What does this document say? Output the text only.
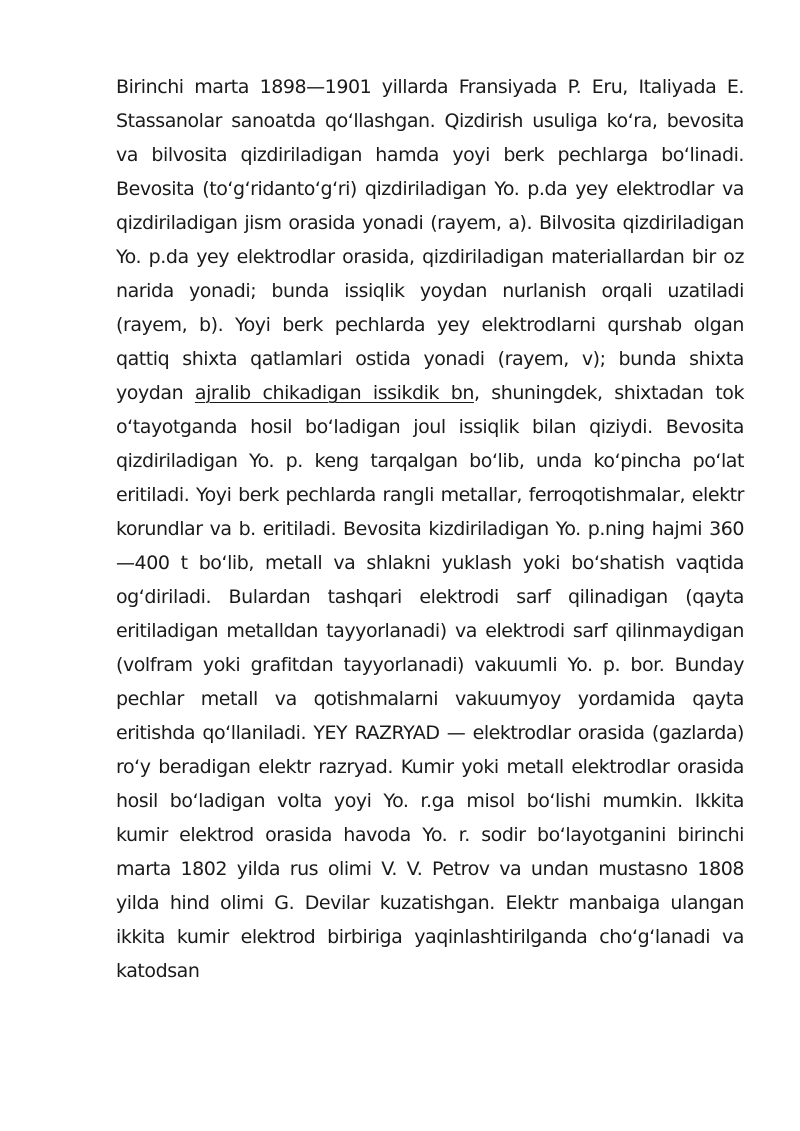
Birinchi marta 1898—1901 yillarda Fransiyada P. Eru, Italiyada E. Stassanolar sanoatda qoʻllashgan. Qizdirish usuliga koʻra, bevosita va bilvosita qizdiriladigan hamda yoyi berk pechlarga boʻlinadi. Bevosita (toʻgʻridantoʻgʻri) qizdiriladigan Yo. p.da yey elektrodlar va qizdiriladigan jism orasida yonadi (rayem, a). Bilvosita qizdiriladigan Yo. p.da yey elektrodlar orasida, qizdiriladigan materiallardan bir oz narida yonadi; bunda issiqlik yoydan nurlanish orqali uzatiladi (rayem, b). Yoyi berk pechlarda yey elektrodlarni qurshab olgan qattiq shixta qatlamlari ostida yonadi (rayem, v); bunda shixta yoydan ajralib chikadigan issikdik bn, shuningdek, shixtadan tok oʻtayotganda hosil boʻladigan joul issiqlik bilan qiziydi. Bevosita qizdiriladigan Yo. p. keng tarqalgan boʻlib, unda koʻpincha poʻlat eritiladi. Yoyi berk pechlarda rangli metallar, ferroqotishmalar, elektr korundlar va b. eritiladi. Bevosita kizdiriladigan Yo. p.ning hajmi 360—400 t boʻlib, metall va shlakni yuklash yoki boʻshatish vaqtida ogʻdiriladi. Bulardan tashqari elektrodi sarf qilinadigan (qayta eritiladigan metalldan tayyorlanadi) va elektrodi sarf qilinmaydigan (volfram yoki grafitdan tayyorlanadi) vakuumli Yo. p. bor. Bunday pechlar metall va qotishmalarni vakuumyoy yordamida qayta eritishda qoʻllaniladi. YEY RAZRYAD — elektrodlar orasida (gazlarda) roʻy beradigan elektr razryad. Kumir yoki metall elektrodlar orasida hosil boʻladigan volta yoyi Yo. r.ga misol boʻlishi mumkin. Ikkita kumir elektrod orasida havoda Yo. r. sodir boʻlayotganini birinchi marta 1802 yilda rus olimi V. V. Petrov va undan mustasno 1808 yilda hind olimi G. Devilar kuzatishgan. Elektr manbaiga ulangan ikkita kumir elektrod birbiriga yaqinlashtirilganda choʻgʻlanadi va katodsan
